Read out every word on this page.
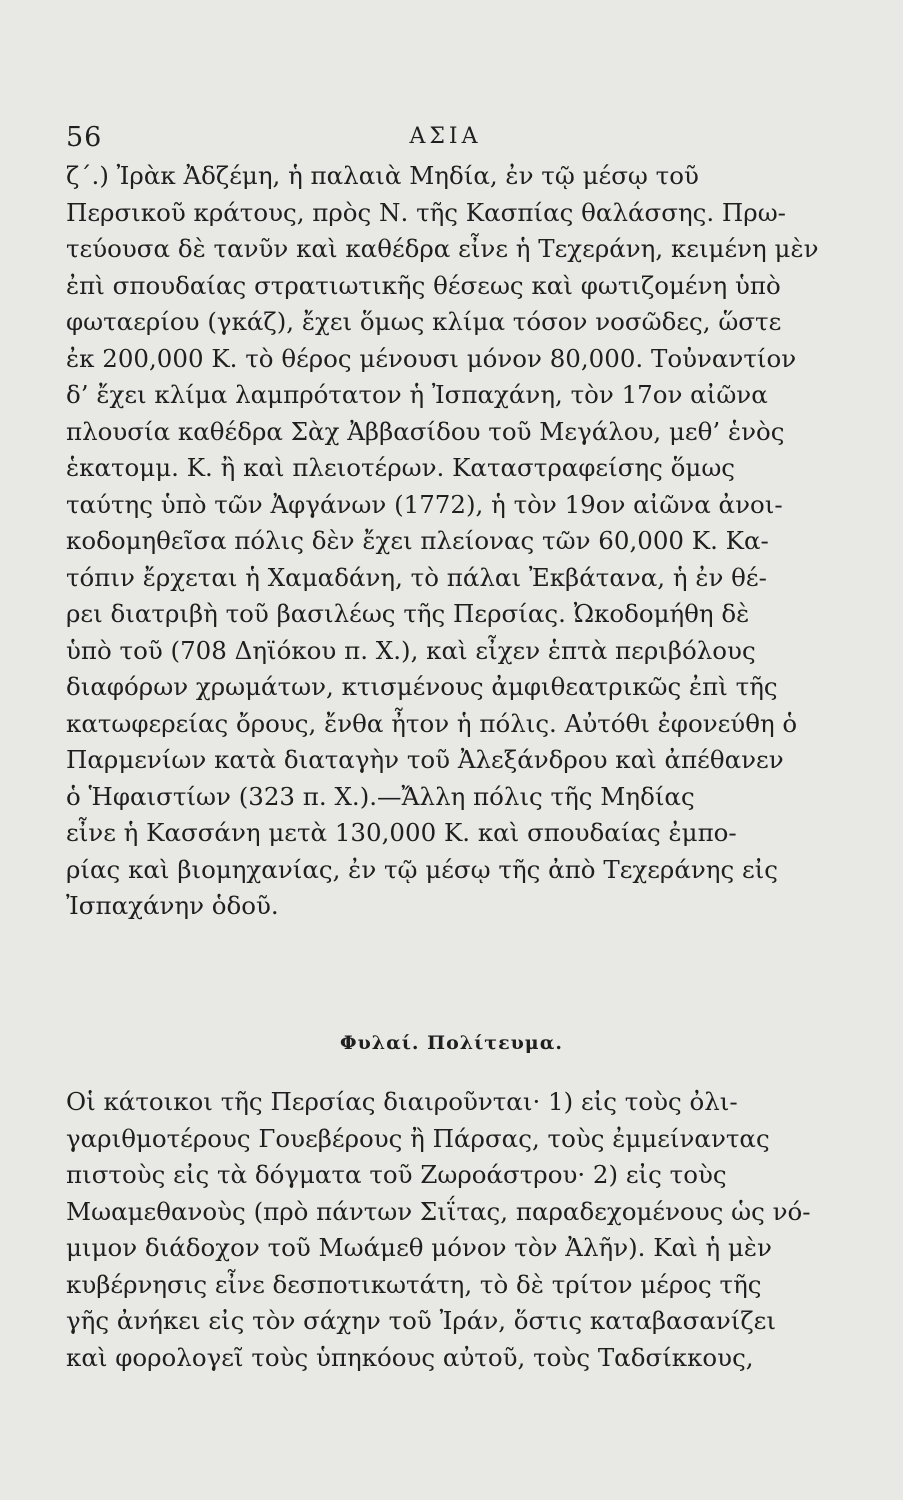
56	ΑΣΙΑ
ζ΄.) Ἰρὰκ Ἀδζέμη, ἡ παλαιὰ Μηδία, ἐν τῷ μέσῳ τοῦ
Περσικοῦ κράτους, πρὸς Ν. τῆς Κασπίας θαλάσσης. Πρω-
τεύουσα δὲ τανῦν καὶ καθέδρα εἶνε ἡ Τεχεράνη, κειμένη μὲν
ἐπὶ σπουδαίας στρατιωτικῆς θέσεως καὶ φωτιζομένη ὑπὸ
φωταερίου (γκάζ), ἔχει ὅμως κλίμα τόσον νοσῶδες, ὥστε
ἐκ 200,000 Κ. τὸ θέρος μένουσι μόνον 80,000. Τοὐναντίον
δ’ ἔχει κλίμα λαμπρότατον ἡ Ἰσπαχάνη, τὸν 17ον αἰῶνα
πλουσία καθέδρα Σὰχ Ἀββασίδου τοῦ Μεγάλου, μεθ’ ἑνὸς
ἑκατομμ. Κ. ἢ καὶ πλειοτέρων. Καταστραφείσης ὅμως
ταύτης ὑπὸ τῶν Ἀφγάνων (1772), ἡ τὸν 19ον αἰῶνα ἀνοι-
κοδομηθεῖσα πόλις δὲν ἔχει πλείονας τῶν 60,000 Κ. Κα-
τόπιν ἔρχεται ἡ Χαμαδάνη, τὸ πάλαι Ἐκβάτανα, ἡ ἐν θέ-
ρει διατριβὴ τοῦ βασιλέως τῆς Περσίας. Ὠκοδομήθη δὲ
ὑπὸ τοῦ (708 Δηϊόκου π. Χ.), καὶ εἶχεν ἑπτὰ περιβόλους
διαφόρων χρωμάτων, κτισμένους ἀμφιθεατρικῶς ἐπὶ τῆς
κατωφερείας ὄρους, ἔνθα ἦτον ἡ πόλις. Αὐτόθι ἐφονεύθη ὁ
Παρμενίων κατὰ διαταγὴν τοῦ Ἀλεξάνδρου καὶ ἀπέθανεν
ὁ Ἡφαιστίων (323 π. Χ.).—Ἄλλη πόλις τῆς Μηδίας
εἶνε ἡ Κασσάνη μετὰ 130,000 Κ. καὶ σπουδαίας ἐμπο-
ρίας καὶ βιομηχανίας, ἐν τῷ μέσῳ τῆς ἀπὸ Τεχεράνης εἰς
Ἰσπαχάνην ὁδοῦ.
Φυλαί. Πολίτευμα.
Οἱ κάτοικοι τῆς Περσίας διαιροῦνται· 1) εἰς τοὺς ὀλι-
γαριθμοτέρους Γουεβέρους ἢ Πάρσας, τοὺς ἐμμείναντας
πιστοὺς εἰς τὰ δόγματα τοῦ Ζωροάστρου· 2) εἰς τοὺς
Μωαμεθανοὺς (πρὸ πάντων Σιΐτας, παραδεχομένους ὡς νό-
μιμον διάδοχον τοῦ Μωάμεθ μόνον τὸν Ἀλῆν). Καὶ ἡ μὲν
κυβέρνησις εἶνε δεσποτικωτάτη, τὸ δὲ τρίτον μέρος τῆς
γῆς ἀνήκει εἰς τὸν σάχην τοῦ Ἰράν, ὅστις καταβασανίζει
καὶ φορολογεῖ τοὺς ὑπηκόους αὐτοῦ, τοὺς Ταδσίκκους,
